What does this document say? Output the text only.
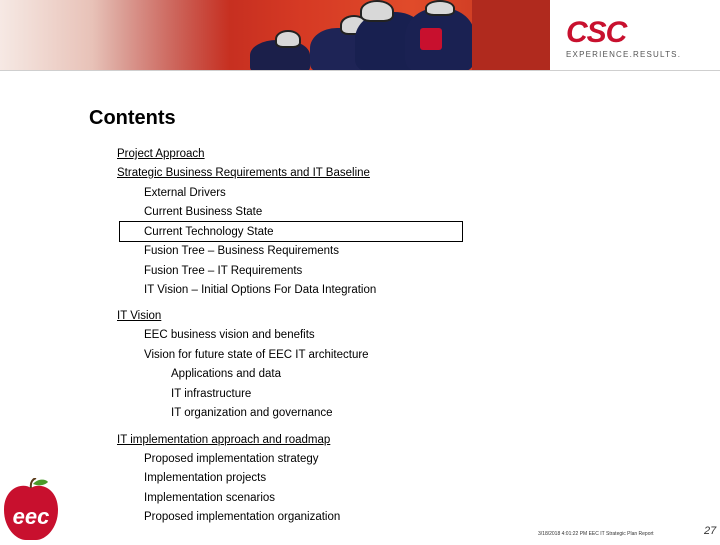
CSC
EXPERIENCE.RESULTS.
Contents
Project Approach
Strategic Business Requirements and IT Baseline
External Drivers
Current Business State
Current Technology State
Fusion Tree – Business Requirements
Fusion Tree – IT Requirements
IT Vision – Initial Options For Data Integration
IT Vision
EEC business vision and benefits
Vision for future state of EEC IT architecture
Applications and data
IT infrastructure
IT organization and governance
IT implementation approach and roadmap
Proposed implementation strategy
Implementation projects
Implementation scenarios
Proposed implementation organization
eec
3/18/2018 4:01:22 PM EEC IT Strategic Plan Report	27
